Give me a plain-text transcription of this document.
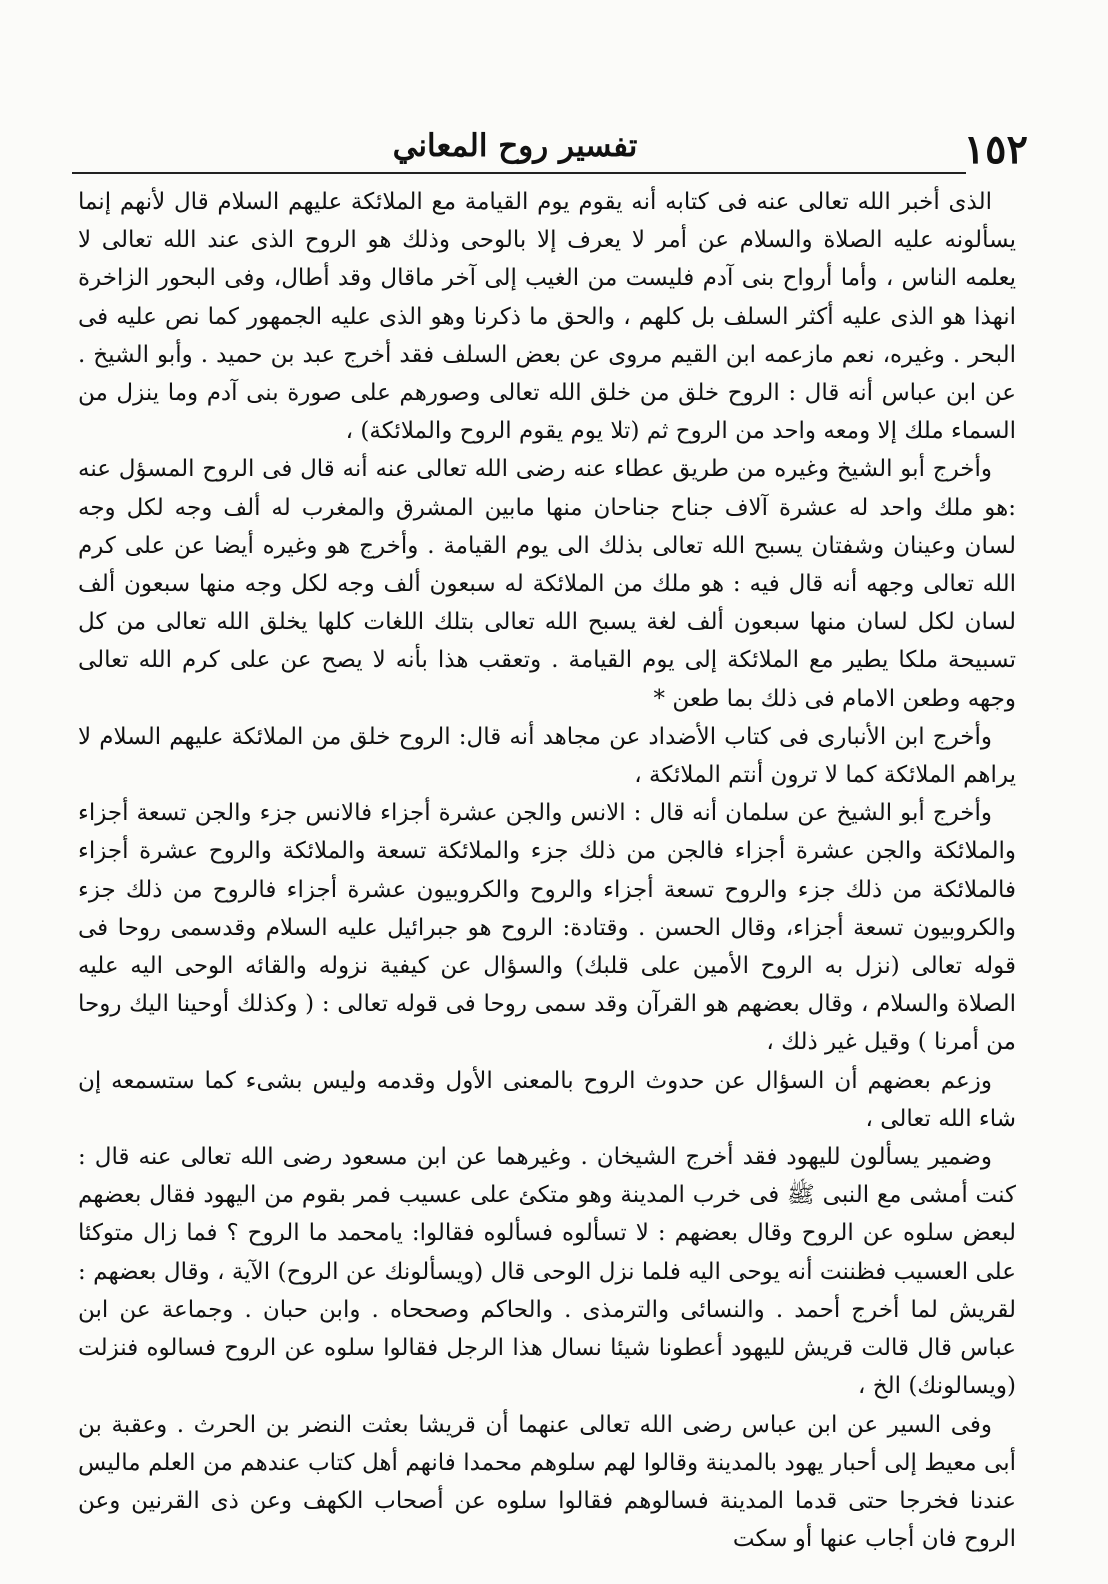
١٥٢
تفسير روح المعاني

الذى أخبر الله تعالى عنه فى كتابه أنه يقوم يوم القيامة مع الملائكة عليهم السلام قال لأنهم إنما يسألونه عليه الصلاة والسلام عن أمر لا يعرف إلا بالوحى وذلك هو الروح الذى عند الله تعالى لا يعلمه الناس ، وأما أرواح بنى آدم فليست من الغيب إلى آخر ماقال وقد أطال، وفى البحور الزاخرة انهذا هو الذى عليه أكثر السلف بل كلهم ، والحق ما ذكرنا وهو الذى عليه الجمهور كما نص عليه فى البحر . وغيره، نعم مازعمه ابن القيم مروى عن بعض السلف فقد أخرج عبد بن حميد . وأبو الشيخ . عن ابن عباس أنه قال : الروح خلق من خلق الله تعالى وصورهم على صورة بنى آدم وما ينزل من السماء ملك إلا ومعه واحد من الروح ثم (تلا يوم يقوم الروح والملائكة) ،

وأخرج أبو الشيخ وغيره من طريق عطاء عنه رضى الله تعالى عنه أنه قال فى الروح المسؤل عنه :هو ملك واحد له عشرة آلاف جناح جناحان منها مابين المشرق والمغرب له ألف وجه لكل وجه لسان وعينان وشفتان يسبح الله تعالى بذلك الى يوم القيامة . وأخرج هو وغيره أيضا عن على كرم الله تعالى وجهه أنه قال فيه : هو ملك من الملائكة له سبعون ألف وجه لكل وجه منها سبعون ألف لسان لكل لسان منها سبعون ألف لغة يسبح الله تعالى بتلك اللغات كلها يخلق الله تعالى من كل تسبيحة ملكا يطير مع الملائكة إلى يوم القيامة . وتعقب هذا بأنه لا يصح عن على كرم الله تعالى وجهه وطعن الامام فى ذلك بما طعن *

وأخرج ابن الأنبارى فى كتاب الأضداد عن مجاهد أنه قال: الروح خلق من الملائكة عليهم السلام لا يراهم الملائكة كما لا ترون أنتم الملائكة ،

وأخرج أبو الشيخ عن سلمان أنه قال : الانس والجن عشرة أجزاء فالانس جزء والجن تسعة أجزاء والملائكة والجن عشرة أجزاء فالجن من ذلك جزء والملائكة تسعة والملائكة والروح عشرة أجزاء فالملائكة من ذلك جزء والروح تسعة أجزاء والروح والكروبيون عشرة أجزاء فالروح من ذلك جزء والكروبيون تسعة أجزاء، وقال الحسن . وقتادة: الروح هو جبرائيل عليه السلام وقدسمى روحا فى قوله تعالى (نزل به الروح الأمين على قلبك) والسؤال عن كيفية نزوله والقائه الوحى اليه عليه الصلاة والسلام ، وقال بعضهم هو القرآن وقد سمى روحا فى قوله تعالى : ( وكذلك أوحينا اليك روحا من أمرنا ) وقيل غير ذلك ،

وزعم بعضهم أن السؤال عن حدوث الروح بالمعنى الأول وقدمه وليس بشىء كما ستسمعه إن شاء الله تعالى ،

وضمير يسألون لليهود فقد أخرج الشيخان . وغيرهما عن ابن مسعود رضى الله تعالى عنه قال : كنت أمشى مع النبى ﷺ فى خرب المدينة وهو متكئ على عسيب فمر بقوم من اليهود فقال بعضهم لبعض سلوه عن الروح وقال بعضهم : لا تسألوه فسألوه فقالوا: يامحمد ما الروح ؟ فما زال متوكئا على العسيب فظننت أنه يوحى اليه فلما نزل الوحى قال (ويسألونك عن الروح) الآية ، وقال بعضهم : لقريش لما أخرج أحمد . والنسائى والترمذى . والحاكم وصححاه . وابن حبان . وجماعة عن ابن عباس قال قالت قريش لليهود أعطونا شيئا نسال هذا الرجل فقالوا سلوه عن الروح فسالوه فنزلت (ويسالونك) الخ ،

وفى السير عن ابن عباس رضى الله تعالى عنهما أن قريشا بعثت النضر بن الحرث . وعقبة بن أبى معيط إلى أحبار يهود بالمدينة وقالوا لهم سلوهم محمدا فانهم أهل كتاب عندهم من العلم ماليس عندنا فخرجا حتى قدما المدينة فسالوهم فقالوا سلوه عن أصحاب الكهف وعن ذى القرنين وعن الروح فان أجاب عنها أو سكت
